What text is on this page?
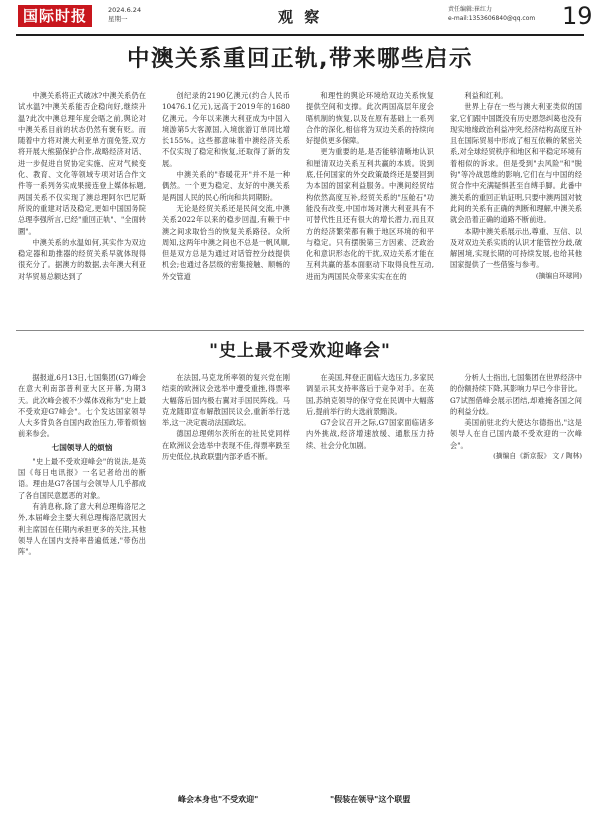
国际时报	2024.6.24
星期一	观 察	责任编辑:崔红力
e-mail:1353606840@qq.com 19
中澳关系重回正轨,带来哪些启示

中澳关系将正式破冰?中澳关系仍在试水温?中澳关系能否企稳向好,继续升温?此次中澳总理年度会晤之前,舆论对中澳关系目前的状态仍然有褒有贬。而随着中方将对澳大利亚单方面免签,双方将开展大熊猫保护合作,战略经济对话、进一步促进自贸协定实施、应对气候变化、教育、文化等领域专项对话合作文件等一系列务实成果接连登上媒体标题,两国关系不仅实现了澳总理阿尔巴尼斯所说的重建对话及稳定,更如中国国务院总理李强所言,已经"重回正轨"、"全面转圜"。

中澳关系的水温如何,其实作为双边稳定器和助推器的经贸关系早就体现得很充分了。据澳方的数据,去年澳大利亚对华贸易总额达到了

创纪录的2190亿澳元(约合人民币10476.1亿元),远高于2019年的1680亿澳元。今年以来澳大利亚成为中国入境游第5大客源国,入境旅游订单同比增长155%。这些都意味着中澳经济关系不仅实现了稳定和恢复,还取得了新的发展。

中澳关系的"春暖花开"并不是一种偶然。一个更为稳定、友好的中澳关系是两国人民的民心所向和共同期盼。

无论是经贸关系还是民间交流,中澳关系2022年以来的稳步回温,有赖于中澳之间求取恰当的恢复关系路径。众所周知,这两年中澳之间也不总是一帆风顺,但是双方总是为通过对话管控分歧提供机会;也通过各层级的密集接触、顺畅的外交管道

和理性的舆论环境给双边关系恢复提供空间和支撑。此次两国高层年度会晤机制的恢复,以及在原有基础上一系列合作的深化,相信将为双边关系的持续向好提供更多保障。

更为重要的是,是否能够清晰地认识和厘清双边关系互利共赢的本质。说到底,任何国家的外交政策最终还是要回到为本国的国家利益服务。中澳间经贸结构依然高度互补,经贸关系的"压舱石"功能没有改变,中国市场对澳大利亚具有不可替代性且还有很大的增长潜力,而且双方的经济繁荣都有赖于地区环境的和平与稳定。只有摆脱第三方因素、泛政治化和意识形态化的干扰,双边关系才能在互利共赢的基本面驱动下取得良性互动,进而为两国民众带来实实在在的

利益和红利。

世界上存在一些与澳大利亚类似的国家,它们跟中国既没有历史恩怨纠葛也没有现实地缘政治利益冲突,经济结构高度互补且在国际贸易中形成了相互依赖的紧密关系,对全球经贸秩序和地区和平稳定环境有着相似的诉求。但是受到"去风险"和"脱钩"等冷战思维的影响,它们在与中国的经贸合作中充满疑惧甚至自缚手脚。此番中澳关系的重回正轨证明,只要中澳两国对彼此间的关系有正确的判断和理解,中澳关系就会沿着正确的道路不断前进。

本期中澳关系展示出,尊重、互信、以及对双边关系实质的认识才能管控分歧,破解困境,实现长期的可持续发展,也给其他国家提供了一些借鉴与参考。

(摘编自环球网)
"史上最不受欢迎峰会"

据报道,6月13日,七国集团(G7)峰会在意大利南部普利亚大区开幕,为期3天。此次峰会被不少媒体戏称为"史上最不受欢迎G7峰会"。七个发达国家领导人大多背负各自国内政治压力,带着烦恼前来参会。

七国领导人的烦恼

"史上最不受欢迎峰会"的说法,是英国《每日电讯报》一名记者给出的断语。理由是G7各国与会领导人几乎都成了各自国民意愿恶的对象。

有消息称,除了意大利总理梅洛尼之外,本届峰会主要大利总理梅洛尼就因大利主席国在任期内承担更多的关注,其他领导人在国内支持率普遍低迷,"带伤出阵"。

在法国,马克龙所率领的复兴党在刚结束的欧洲议会选举中遭受重挫,得票率大幅落后国内极右翼对手国民阵线。马克龙随即宣布解散国民议会,重新举行选举,这一决定震动法国政坛。

德国总理朔尔茨所在的社民党同样在欧洲议会选举中表现不佳,得票率跌至历史低位,执政联盟内部矛盾不断。

在美国,拜登正面临大选压力,多家民调显示其支持率落后于竞争对手。在英国,苏纳克领导的保守党在民调中大幅落后,提前举行的大选前景黯淡。

G7会议召开之际,G7国家面临诸多内外挑战,经济增速放缓、通胀压力持续、社会分化加剧。

分析人士指出,七国集团在世界经济中的份额持续下降,其影响力早已今非昔比。G7试图借峰会展示团结,却难掩各国之间的利益分歧。

美国前驻北约大使达尔德指出,"这是领导人在自己国内最不受欢迎的一次峰会"。

(摘编自《新京报》 文 / 陶林)
峰会本身也"不受欢迎"	"假装在领导"这个联盟
